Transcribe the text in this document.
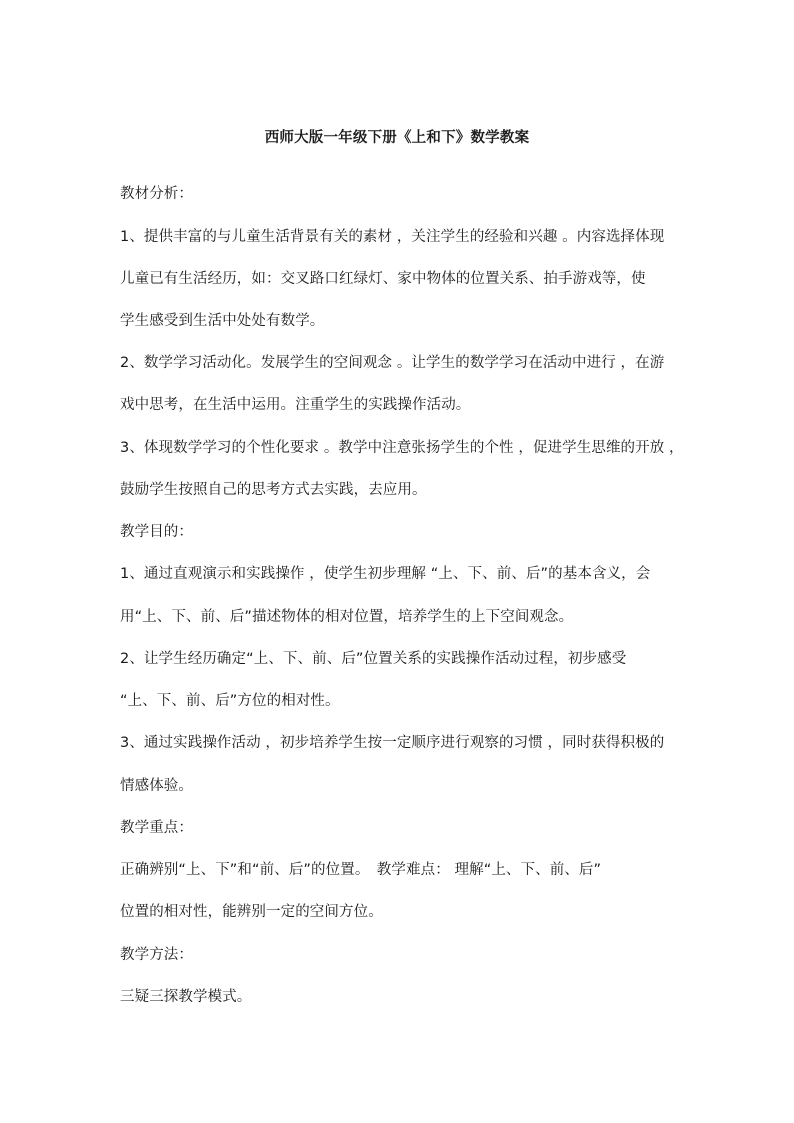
西师大版一年级下册《上和下》数学教案
教材分析：
1、提供丰富的与儿童生活背景有关的素材 ，关注学生的经验和兴趣 。内容选择体现
儿童已有生活经历，如：交叉路口红绿灯、家中物体的位置关系、拍手游戏等，使
学生感受到生活中处处有数学。
2、数学学习活动化。发展学生的空间观念 。让学生的数学学习在活动中进行 ，在游
戏中思考，在生活中运用。注重学生的实践操作活动。
3、体现数学学习的个性化要求 。教学中注意张扬学生的个性 ，促进学生思维的开放 ，
鼓励学生按照自己的思考方式去实践，去应用。
教学目的：
1、通过直观演示和实践操作 ，使学生初步理解 “上、下、前、后”的基本含义，会
用“上、下、前、后”描述物体的相对位置，培养学生的上下空间观念。
2、让学生经历确定“上、下、前、后”位置关系的实践操作活动过程，初步感受
“上、下、前、后”方位的相对性。
3、通过实践操作活动 ，初步培养学生按一定顺序进行观察的习惯 ，同时获得积极的
情感体验。
教学重点：
正确辨别“上、下”和“前、后”的位置。　教学难点： 理解“上、下、前、后”
位置的相对性，能辨别一定的空间方位。
教学方法：
三疑三探教学模式。
